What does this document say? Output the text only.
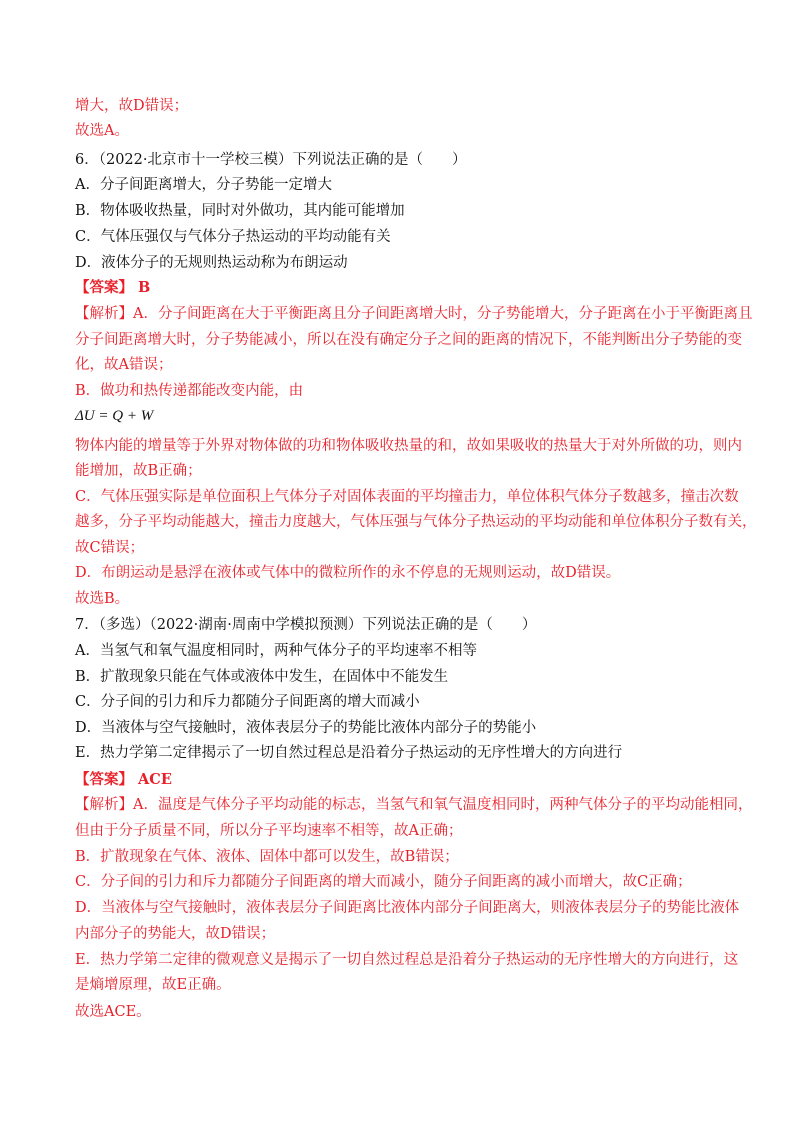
增大，故D错误；
故选A。
6．（2022·北京市十一学校三模）下列说法正确的是（　　）
A．分子间距离增大，分子势能一定增大
B．物体吸收热量，同时对外做功，其内能可能增加
C．气体压强仅与气体分子热运动的平均动能有关
D．液体分子的无规则热运动称为布朗运动
【答案】 B
【解析】A．分子间距离在大于平衡距离且分子间距离增大时，分子势能增大，分子距离在小于平衡距离且
分子间距离增大时，分子势能减小，所以在没有确定分子之间的距离的情况下，不能判断出分子势能的变
化，故A错误；
B．做功和热传递都能改变内能，由
ΔU = Q + W
物体内能的增量等于外界对物体做的功和物体吸收热量的和，故如果吸收的热量大于对外所做的功，则内
能增加，故B正确；
C．气体压强实际是单位面积上气体分子对固体表面的平均撞击力，单位体积气体分子数越多，撞击次数
越多，分子平均动能越大，撞击力度越大，气体压强与气体分子热运动的平均动能和单位体积分子数有关，
故C错误；
D．布朗运动是悬浮在液体或气体中的微粒所作的永不停息的无规则运动，故D错误。
故选B。
7．（多选）（2022·湖南·周南中学模拟预测）下列说法正确的是（　　）
A．当氢气和氧气温度相同时，两种气体分子的平均速率不相等
B．扩散现象只能在气体或液体中发生，在固体中不能发生
C．分子间的引力和斥力都随分子间距离的增大而减小
D．当液体与空气接触时，液体表层分子的势能比液体内部分子的势能小
E．热力学第二定律揭示了一切自然过程总是沿着分子热运动的无序性增大的方向进行
【答案】 ACE
【解析】A．温度是气体分子平均动能的标志，当氢气和氧气温度相同时，两种气体分子的平均动能相同，
但由于分子质量不同，所以分子平均速率不相等，故A正确；
B．扩散现象在气体、液体、固体中都可以发生，故B错误；
C．分子间的引力和斥力都随分子间距离的增大而减小，随分子间距离的减小而增大，故C正确；
D．当液体与空气接触时，液体表层分子间距离比液体内部分子间距离大，则液体表层分子的势能比液体
内部分子的势能大，故D错误；
E．热力学第二定律的微观意义是揭示了一切自然过程总是沿着分子热运动的无序性增大的方向进行，这
是熵增原理，故E正确。
故选ACE。
